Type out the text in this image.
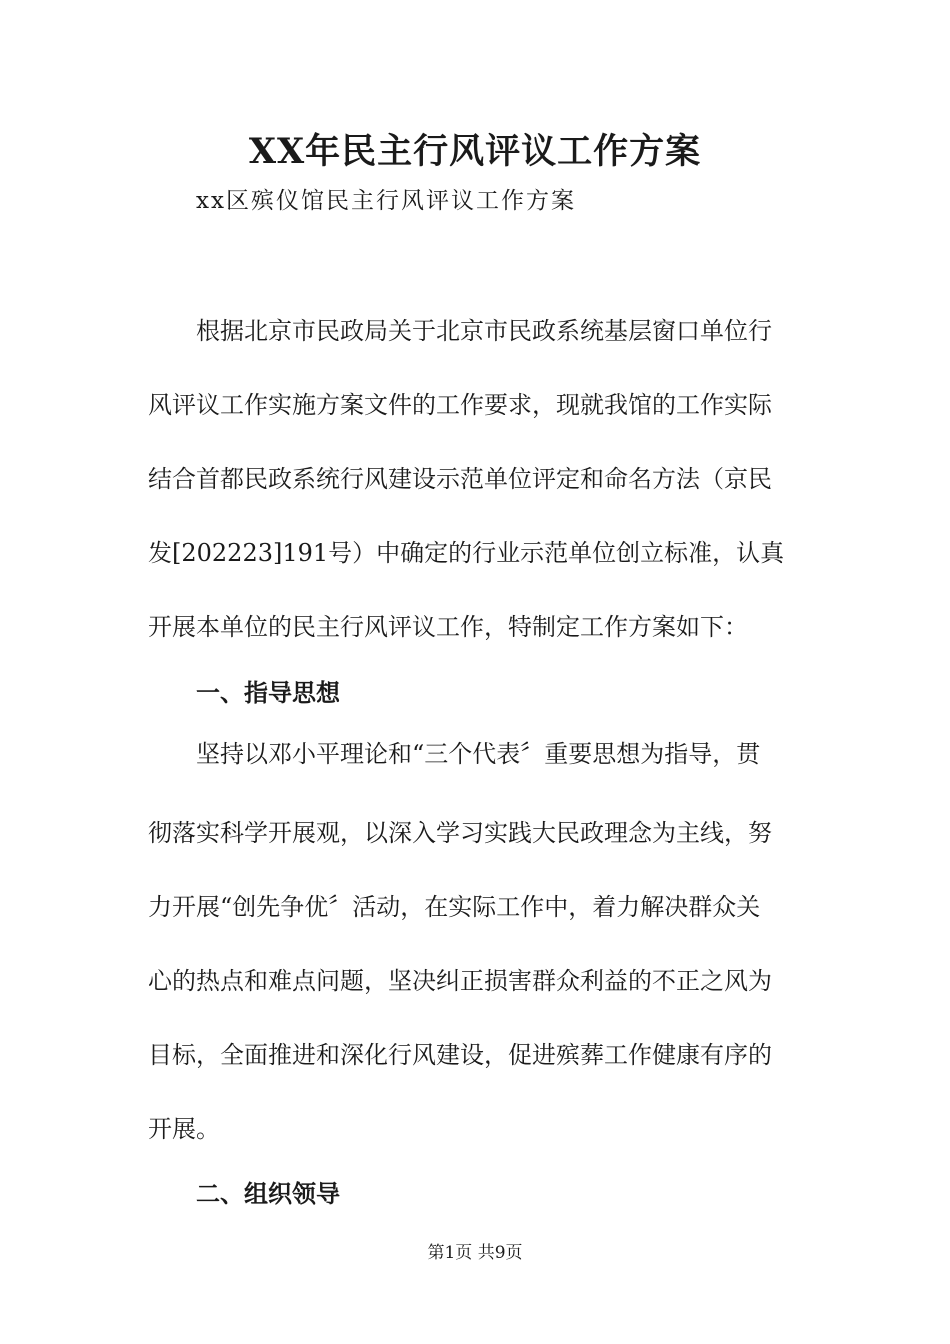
XX年民主行风评议工作方案

xx区殡仪馆民主行风评议工作方案

根据北京市民政局关于北京市民政系统基层窗口单位行

风评议工作实施方案文件的工作要求，现就我馆的工作实际

结合首都民政系统行风建设示范单位评定和命名方法（京民

发[202223]191号）中确定的行业示范单位创立标准，认真

开展本单位的民主行风评议工作，特制定工作方案如下：

一、指导思想

坚持以邓小平理论和“三个代表〞重要思想为指导，贯

彻落实科学开展观，以深入学习实践大民政理念为主线，努

力开展“创先争优〞活动，在实际工作中，着力解决群众关

心的热点和难点问题，坚决纠正损害群众利益的不正之风为

目标，全面推进和深化行风建设，促进殡葬工作健康有序的

开展。

二、组织领导
第1页 共9页
